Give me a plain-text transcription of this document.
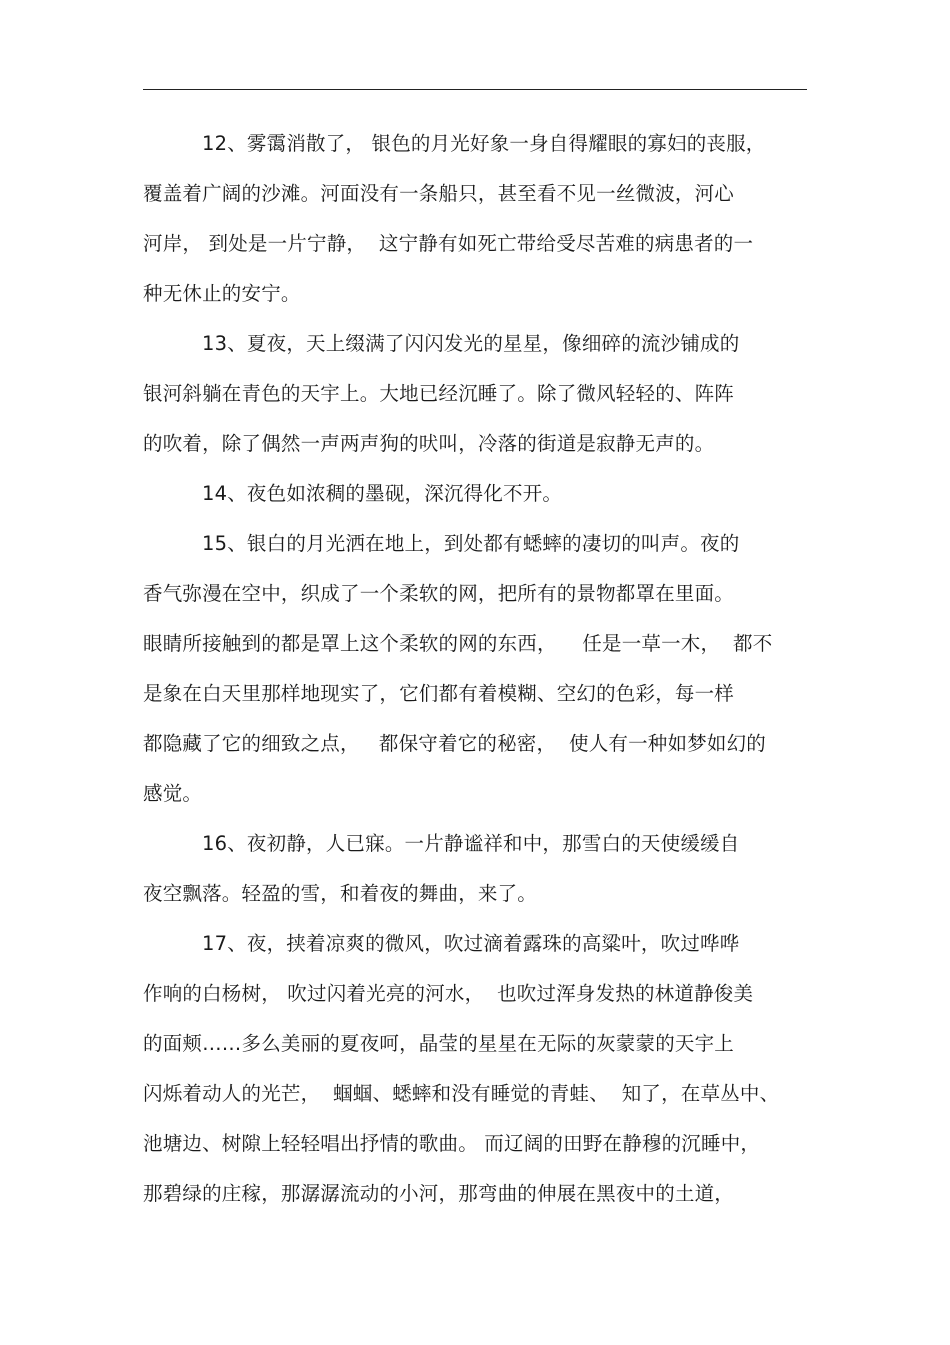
12、雾霭消散了， 银色的月光好象一身自得耀眼的寡妇的丧服，
覆盖着广阔的沙滩。河面没有一条船只，甚至看不见一丝微波，河心
河岸， 到处是一片宁静，  这宁静有如死亡带给受尽苦难的病患者的一
种无休止的安宁。
13、夏夜，天上缀满了闪闪发光的星星，像细碎的流沙铺成的
银河斜躺在青色的天宇上。大地已经沉睡了。除了微风轻轻的、阵阵
的吹着，除了偶然一声两声狗的吠叫，冷落的街道是寂静无声的。
14、夜色如浓稠的墨砚，深沉得化不开。
15、银白的月光洒在地上，到处都有蟋蟀的凄切的叫声。夜的
香气弥漫在空中，织成了一个柔软的网，把所有的景物都罩在里面。
眼睛所接触到的都是罩上这个柔软的网的东西，    任是一草一木，  都不
是象在白天里那样地现实了，它们都有着模糊、空幻的色彩，每一样
都隐藏了它的细致之点，   都保守着它的秘密，  使人有一种如梦如幻的
感觉。
16、夜初静，人已寐。一片静谧祥和中，那雪白的天使缓缓自
夜空飘落。轻盈的雪，和着夜的舞曲，来了。
17、夜，挟着凉爽的微风，吹过滴着露珠的高粱叶，吹过哗哗
作响的白杨树， 吹过闪着光亮的河水，  也吹过浑身发热的林道静俊美
的面颊……多么美丽的夏夜呵，晶莹的星星在无际的灰蒙蒙的天宇上
闪烁着动人的光芒，  蝈蝈、蟋蟀和没有睡觉的青蛙、  知了，在草丛中、
池塘边、树隙上轻轻唱出抒情的歌曲。 而辽阔的田野在静穆的沉睡中，
那碧绿的庄稼，那潺潺流动的小河，那弯曲的伸展在黑夜中的土道，
